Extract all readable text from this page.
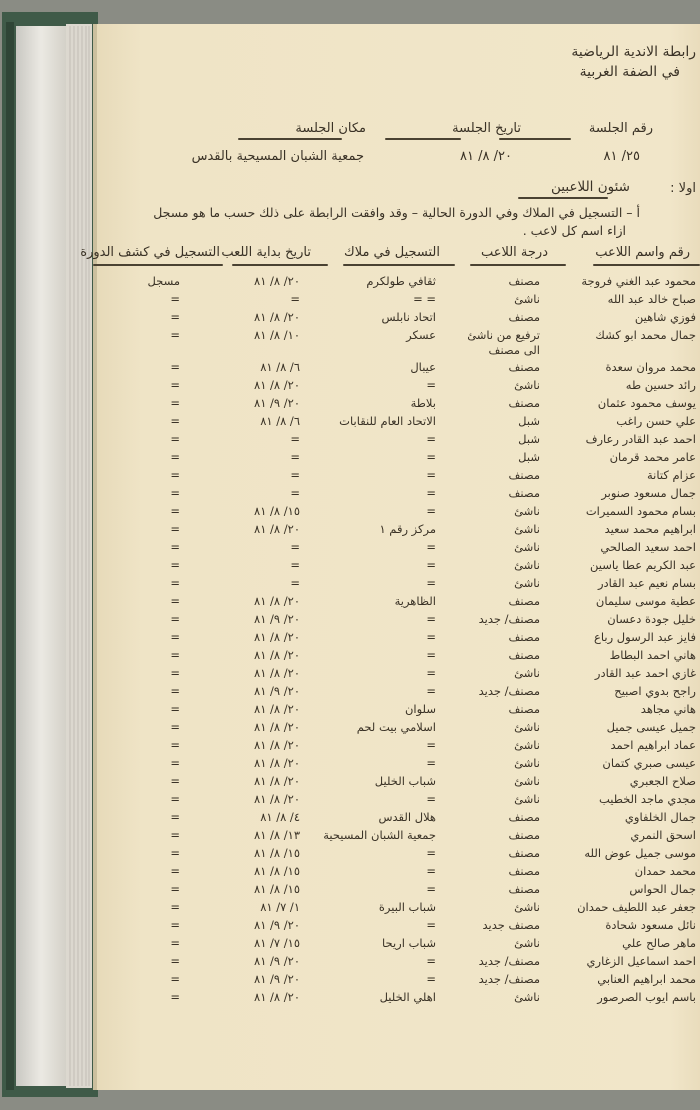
رابطة الاندية الرياضية
في الضفة الغربية
رقم الجلسة
٢٥/ ٨١
تاريخ الجلسة
٢٠/ ٨/ ٨١
مكان الجلسة
جمعية الشبان المسيحية بالقدس
اولا :
شئون اللاعبين
أ – التسجيل في الملاك وفي الدورة الحالية – وقد وافقت الرابطة على ذلك حسب ما هو مسجل
ازاء اسم كل لاعب .
رقم واسم اللاعب
درجة اللاعب
التسجيل في ملاك
تاريخ بداية اللعب
التسجيل في كشف الدورة
محمود عبد الغني فروجة
مصنف
ثقافي طولكرم
٢٠/ ٨/ ٨١
مسجل
صباح خالد عبد الله
ناشئ
= =
=
=
فوزي شاهين
مصنف
اتحاد نابلس
٢٠/ ٨/ ٨١
=
جمال محمد ابو كشك
ترفيع من ناشئ
عسكر
١٠/ ٨/ ٨١
=
الى مصنف
محمد مروان سعدة
مصنف
عيبال
٦/ ٨/ ٨١
=
رائد حسين طه
ناشئ
=
٢٠/ ٨/ ٨١
=
يوسف محمود عثمان
مصنف
بلاطة
٢٠/ ٩/ ٨١
=
علي حسن راغب
شبل
الاتحاد العام للنقابات
٦/ ٨/ ٨١
=
احمد عبد القادر رعارف
شبل
=
=
=
عامر محمد قرمان
شبل
=
=
=
عزام كتانة
مصنف
=
=
=
جمال مسعود صنوبر
مصنف
=
=
=
بسام محمود السميرات
ناشئ
=
١٥/ ٨/ ٨١
=
ابراهيم محمد سعيد
ناشئ
مركز رقم ١
٢٠/ ٨/ ٨١
=
احمد سعيد الصالحي
ناشئ
=
=
=
عبد الكريم عطا ياسين
ناشئ
=
=
=
بسام نعيم عبد القادر
ناشئ
=
=
=
عطية موسى سليمان
مصنف
الظاهرية
٢٠/ ٨/ ٨١
=
خليل جودة دعسان
مصنف/ جديد
=
٢٠/ ٩/ ٨١
=
فايز عبد الرسول رباع
مصنف
=
٢٠/ ٨/ ٨١
=
هاني احمد البطاط
مصنف
=
٢٠/ ٨/ ٨١
=
غازي احمد عبد القادر
ناشئ
=
٢٠/ ٨/ ٨١
=
راجح بدوي اصبيح
مصنف/ جديد
=
٢٠/ ٩/ ٨١
=
هاني مجاهد
مصنف
سلوان
٢٠/ ٨/ ٨١
=
جميل عيسى جميل
ناشئ
اسلامي بيت لحم
٢٠/ ٨/ ٨١
=
عماد ابراهيم احمد
ناشئ
=
٢٠/ ٨/ ٨١
=
عيسى صبري كتمان
ناشئ
=
٢٠/ ٨/ ٨١
=
صلاح الجعبري
ناشئ
شباب الخليل
٢٠/ ٨/ ٨١
=
مجدي ماجد الخطيب
ناشئ
=
٢٠/ ٨/ ٨١
=
جمال الخلفاوي
مصنف
هلال القدس
٤/ ٨/ ٨١
=
اسحق النمري
مصنف
جمعية الشبان المسيحية
١٣/ ٨/ ٨١
=
موسى جميل عوض الله
مصنف
=
١٥/ ٨/ ٨١
=
محمد حمدان
مصنف
=
١٥/ ٨/ ٨١
=
جمال الحواس
مصنف
=
١٥/ ٨/ ٨١
=
جعفر عبد اللطيف حمدان
ناشئ
شباب البيرة
١/ ٧/ ٨١
=
نائل مسعود شحادة
مصنف جديد
=
٢٠/ ٩/ ٨١
=
ماهر صالح علي
ناشئ
شباب اريحا
١٥/ ٧/ ٨١
=
احمد اسماعيل الزغاري
مصنف/ جديد
=
٢٠/ ٩/ ٨١
=
محمد ابراهيم العنابي
مصنف/ جديد
=
٢٠/ ٩/ ٨١
=
باسم ايوب الصرصور
ناشئ
اهلي الخليل
٢٠/ ٨/ ٨١
=
